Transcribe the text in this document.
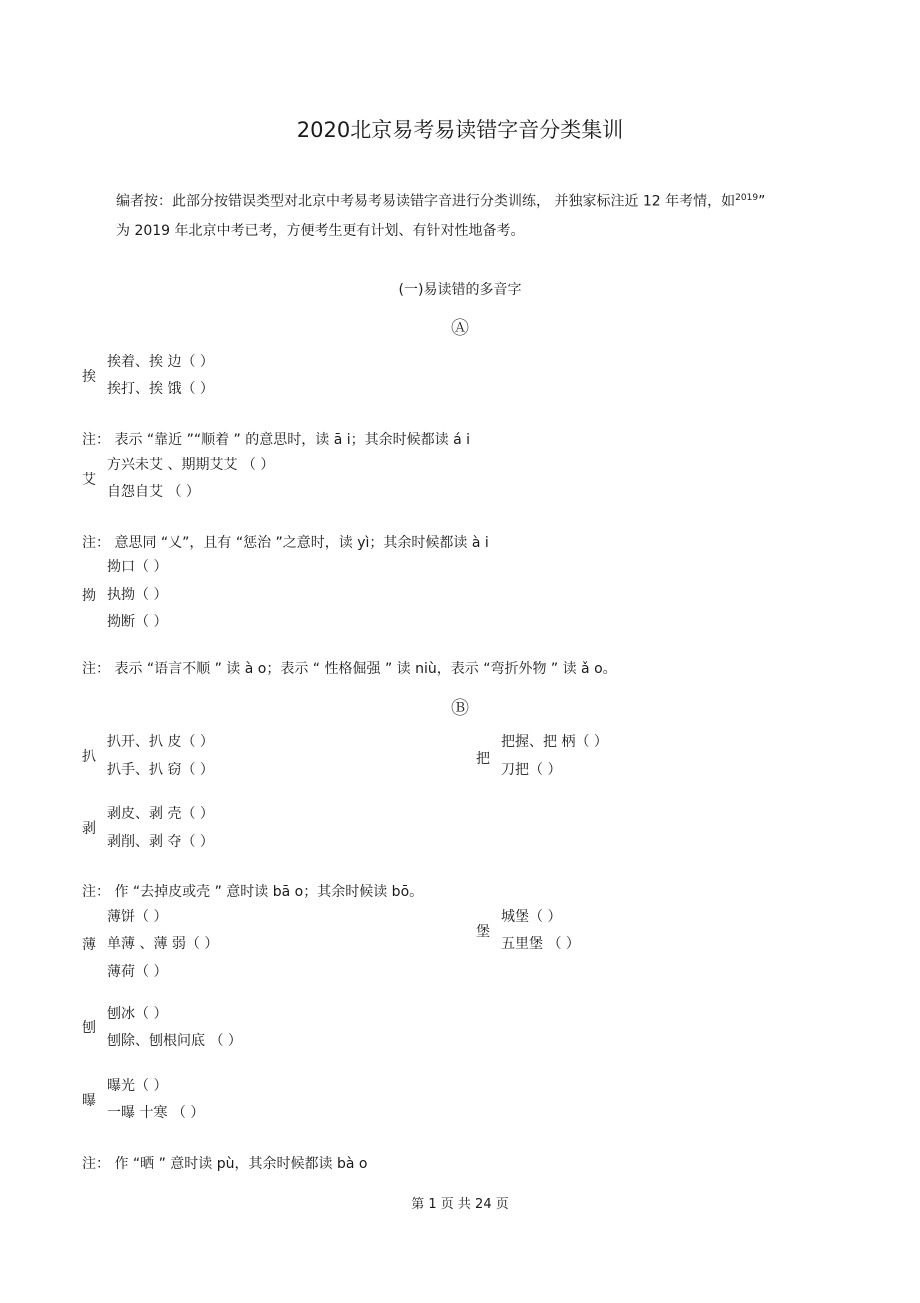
2020北京易考易读错字音分类集训
编者按：此部分按错误类型对北京中考易考易读错字音进行分类训练， 并独家标注近 12 年考情，如$^{2019}$”
为 2019 年北京中考已考，方便考生更有计划、有针对性地备考。
(一)易读错的多音字
Ⓐ
挨
挨着、挨 边（ ）
挨打、挨 饿（ ）
注： 表示 “靠近 ”“顺着 ” 的意思时，读 ā i；其余时候都读 á i
艾
方兴未艾 、期期艾艾 （ ）
自怨自艾 （ ）
注： 意思同 “乂”，且有 “惩治 ”之意时，读 yì；其余时候都读 à i
拗
拗口（ ）
执拗（ ）
拗断（ ）
注： 表示 “语言不顺 ” 读 à o；表示 “ 性格倔强 ” 读 niù，表示 “弯折外物 ” 读 ǎ o。
Ⓑ
扒
扒开、扒 皮（ ）
扒手、扒 窃（ ）
把
把握、把 柄（ ）
刀把（ ）
剥
剥皮、剥 壳（ ）
剥削、剥 夺（ ）
注： 作 “去掉皮或壳 ” 意时读 bā o；其余时候读 bō。
薄
薄饼（ ）
单薄 、薄 弱（ ）
薄荷（ ）
堡
城堡（ ）
五里堡 （ ）
刨
刨冰（ ）
刨除、刨根问底 （ ）
曝
曝光（ ）
一曝 十寒 （ ）
注： 作 “晒 ” 意时读 pù，其余时候都读 bà o
第 1 页 共 24 页
